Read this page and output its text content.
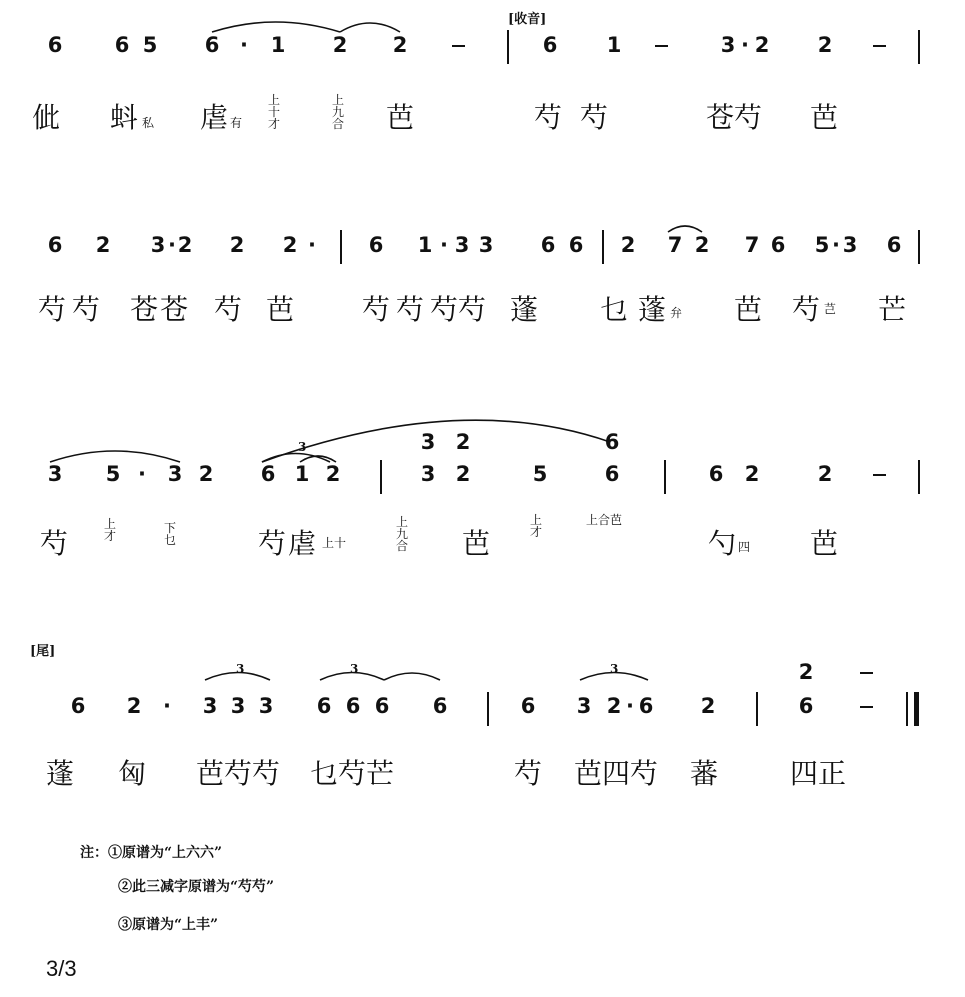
[收音]
[尾]
6 6 5 6 ·	1 2 2	6 1	3 · 2 2
佌 蚪 私 虐 有
上十才
上九合 芭	芍芍	苍芍 芭
6 2 3 · 2 2 2 ·	6 1 · 3 3 6 6 2 7 2 7 6 5 · 3 6
芍芍 苍苍 芍 芭 芍芍 芍芍 蓬 乜 蓬 弁 芭 芍 芑 芒
3 5 ·	3 2 6 1 2
3	3 2
3 2	5
6
6	6 2	2
芍
上才
下乜	芍 虐 上十
上九合 芭
上才
上合芭
勺 四 芭
6 2	·	3 3 3 6 6 6 6
3	3
6 3 2 · 6
3
2
2
6
蓬 匈 芭芍芍 乜芍芒	芍 芭四芍 蕃	四正
注：①原谱为“上六六”
②此三减字原谱为“芍芍”
③原谱为“上丰”
3/3
